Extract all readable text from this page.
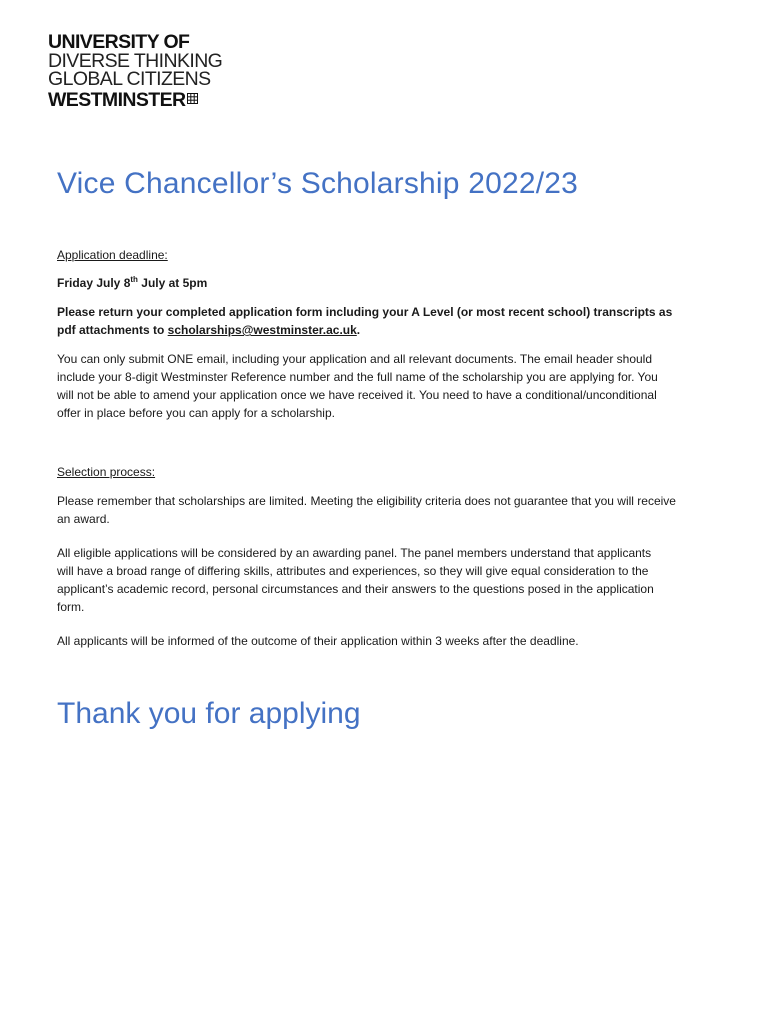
UNIVERSITY OF
DIVERSE THINKING
GLOBAL CITIZENS
WESTMINSTER
Vice Chancellor’s Scholarship 2022/23
Application deadline:
Friday July 8th July at 5pm
Please return your completed application form including your A Level (or most recent school) transcripts as pdf attachments to scholarships@westminster.ac.uk.
You can only submit ONE email, including your application and all relevant documents. The email header should include your 8-digit Westminster Reference number and the full name of the scholarship you are applying for. You will not be able to amend your application once we have received it. You need to have a conditional/unconditional offer in place before you can apply for a scholarship.
Selection process:
Please remember that scholarships are limited. Meeting the eligibility criteria does not guarantee that you will receive an award.
All eligible applications will be considered by an awarding panel. The panel members understand that applicants will have a broad range of differing skills, attributes and experiences, so they will give equal consideration to the applicant’s academic record, personal circumstances and their answers to the questions posed in the application form.
All applicants will be informed of the outcome of their application within 3 weeks after the deadline.
Thank you for applying
